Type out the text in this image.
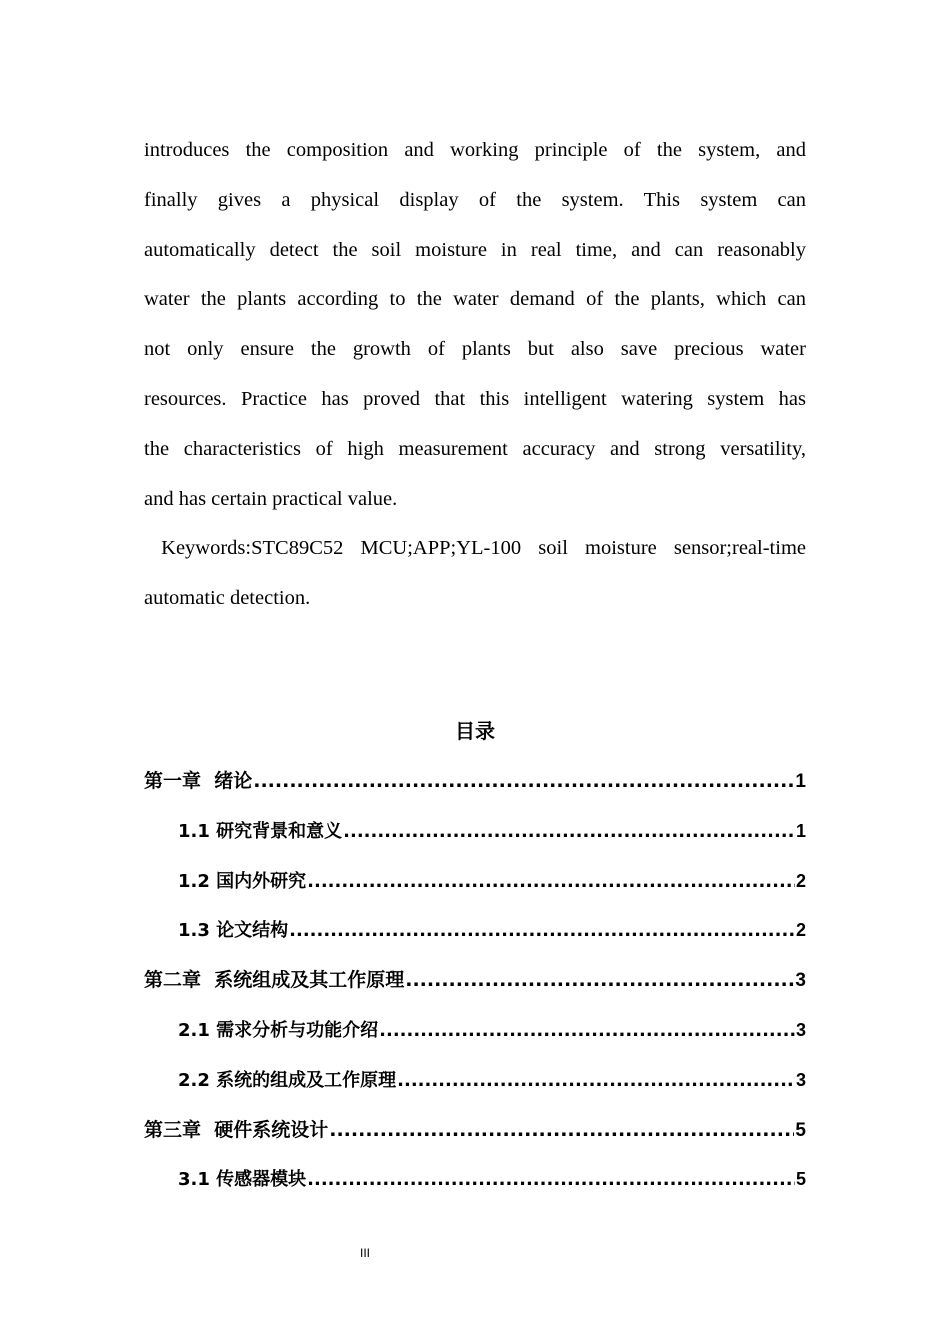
introduces the composition and working principle of the system, and

finally gives a physical display of the system. This system can

automatically detect the soil moisture in real time, and can reasonably

water the plants according to the water demand of the plants, which can

not only ensure the growth of plants but also save precious water

resources. Practice has proved that this intelligent watering system has

the characteristics of high measurement accuracy and strong versatility,

and has certain practical value.

Keywords:STC89C52 MCU;APP;YL-100 soil moisture sensor;real-time

automatic detection.

目录
第一章  绪论 .....	1
1.1 研究背景和意义 .....	1
1.2 国内外研究 .....	2
1.3 论文结构 .....	2
第二章  系统组成及其工作原理 .....	3
2.1 需求分析与功能介绍 .....	3
2.2 系统的组成及工作原理 .....	3
第三章  硬件系统设计 .....	5
3.1 传感器模块 .....	5
III
